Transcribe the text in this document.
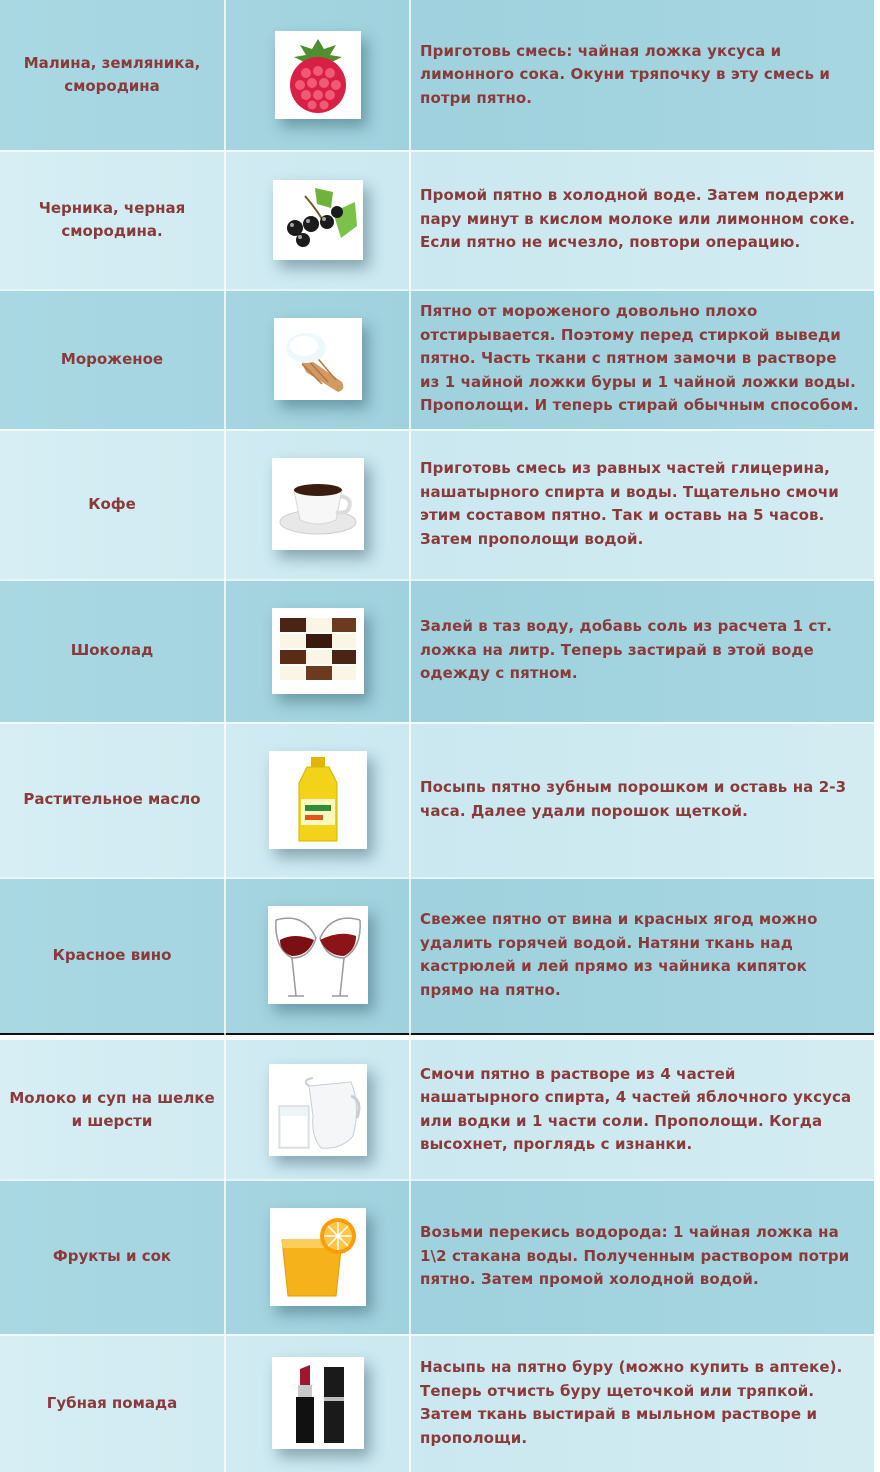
Малина, земляника, смородина
Приготовь смесь: чайная ложка уксуса и лимонного сока. Окуни тряпочку в эту смесь и потри пятно.
Черника, черная смородина.
Промой пятно в холодной воде. Затем подержи пару минут в кислом молоке или лимонном соке. Если пятно не исчезло, повтори операцию.
Мороженое
Пятно от мороженого довольно плохо отстирывается. Поэтому перед стиркой выведи пятно. Часть ткани с пятном замочи в растворе из 1 чайной ложки буры и 1 чайной ложки воды. Прополощи. И теперь стирай обычным способом.
Кофе
Приготовь смесь из равных частей глицерина, нашатырного спирта и воды. Тщательно смочи этим составом пятно. Так и оставь на 5 часов. Затем прополощи водой.
Шоколад
Залей в таз воду, добавь соль из расчета 1 ст. ложка на литр. Теперь застирай в этой воде одежду с пятном.
Растительное масло
Посыпь пятно зубным порошком и оставь на 2-3 часа. Далее удали порошок щеткой.
Красное вино
Свежее пятно от вина и красных ягод можно удалить горячей водой. Натяни ткань над кастрюлей и лей прямо из чайника кипяток прямо на пятно.
Молоко и суп на шелке и шерсти
Смочи пятно в растворе из 4 частей нашатырного спирта, 4 частей яблочного уксуса или водки и 1 части соли. Прополощи. Когда высохнет, проглядь с изнанки.
Фрукты и сок
Возьми перекись водорода: 1 чайная ложка на 1\2 стакана воды. Полученным раствором потри пятно. Затем промой холодной водой.
Губная помада
Насыпь на пятно буру (можно купить в аптеке). Теперь отчисть буру щеточкой или тряпкой. Затем ткань выстирай в мыльном растворе и прополощи.
